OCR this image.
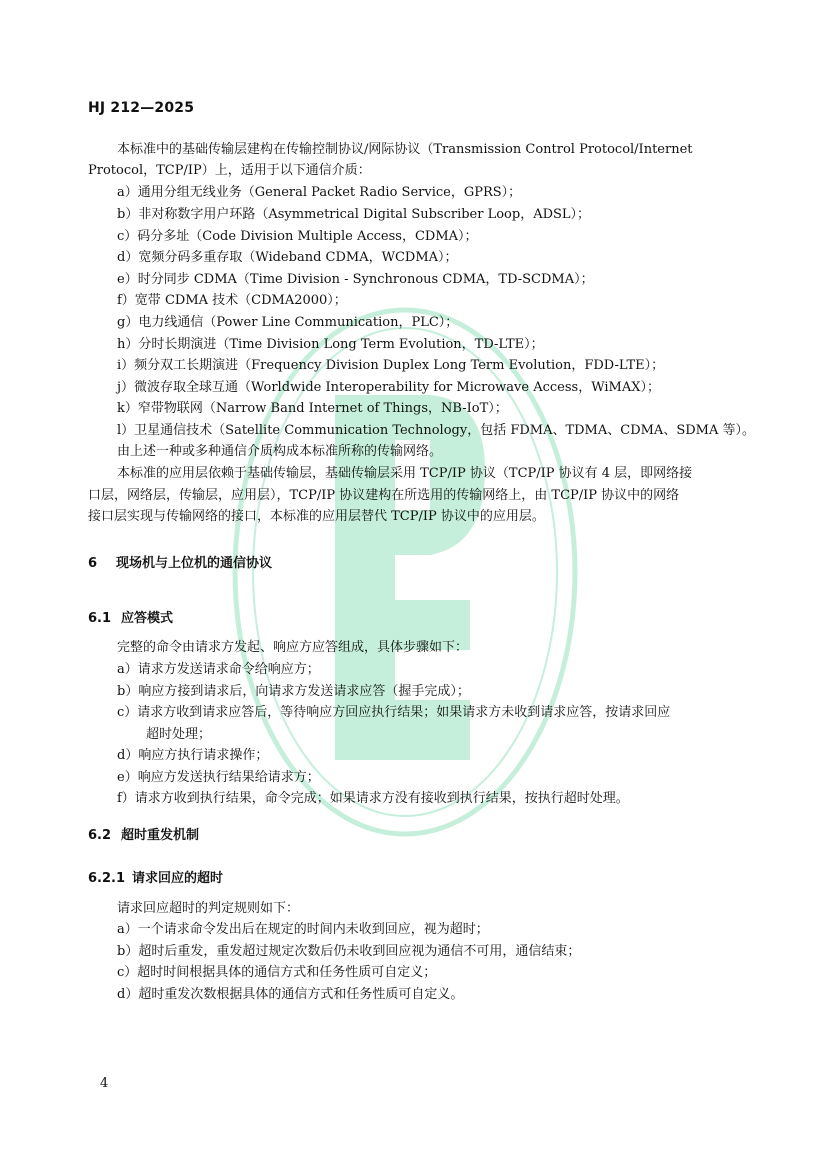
HJ 212—2025
本标准中的基础传输层建构在传输控制协议/网际协议（Transmission Control Protocol/Internet
Protocol，TCP/IP）上，适用于以下通信介质：
a）通用分组无线业务（General Packet Radio Service，GPRS）；
b）非对称数字用户环路（Asymmetrical Digital Subscriber Loop，ADSL）；
c）码分多址（Code Division Multiple Access，CDMA）；
d）宽频分码多重存取（Wideband CDMA，WCDMA）；
e）时分同步 CDMA（Time Division - Synchronous CDMA，TD-SCDMA）；
f）宽带 CDMA 技术（CDMA2000）；
g）电力线通信（Power Line Communication，PLC）；
h）分时长期演进（Time Division Long Term Evolution，TD-LTE）；
i）频分双工长期演进（Frequency Division Duplex Long Term Evolution，FDD-LTE）；
j）微波存取全球互通（Worldwide Interoperability for Microwave Access，WiMAX）；
k）窄带物联网（Narrow Band Internet of Things，NB-IoT）；
l）卫星通信技术（Satellite Communication Technology，包括 FDMA、TDMA、CDMA、SDMA 等）。
由上述一种或多种通信介质构成本标准所称的传输网络。
本标准的应用层依赖于基础传输层，基础传输层采用 TCP/IP 协议（TCP/IP 协议有 4 层，即网络接
口层，网络层，传输层，应用层），TCP/IP 协议建构在所选用的传输网络上，由 TCP/IP 协议中的网络
接口层实现与传输网络的接口，本标准的应用层替代 TCP/IP 协议中的应用层。
6 现场机与上位机的通信协议
6.1 应答模式
完整的命令由请求方发起、响应方应答组成，具体步骤如下：
a）请求方发送请求命令给响应方；
b）响应方接到请求后，向请求方发送请求应答（握手完成）；
c）请求方收到请求应答后，等待响应方回应执行结果；如果请求方未收到请求应答，按请求回应
超时处理；
d）响应方执行请求操作；
e）响应方发送执行结果给请求方；
f）请求方收到执行结果，命令完成；如果请求方没有接收到执行结果，按执行超时处理。
6.2 超时重发机制
6.2.1 请求回应的超时
请求回应超时的判定规则如下：
a）一个请求命令发出后在规定的时间内未收到回应，视为超时；
b）超时后重发，重发超过规定次数后仍未收到回应视为通信不可用，通信结束；
c）超时时间根据具体的通信方式和任务性质可自定义；
d）超时重发次数根据具体的通信方式和任务性质可自定义。
4
